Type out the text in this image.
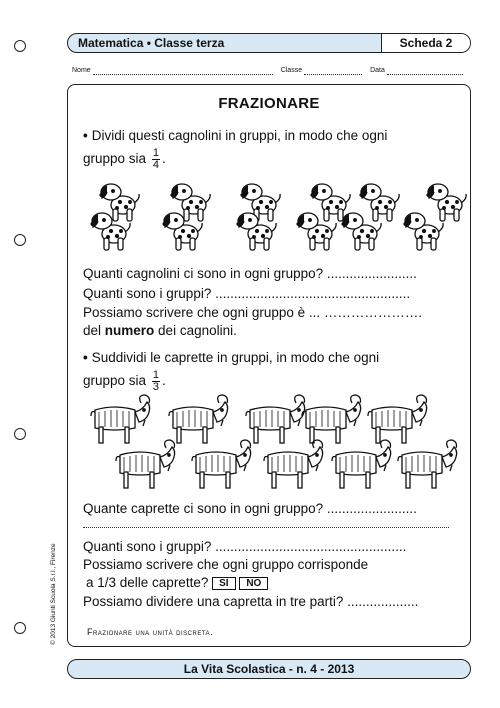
Matematica • Classe terza	Scheda 2
Nome	Classe	Data
FRAZIONARE
• Dividi questi cagnolini in gruppi, in modo che ogni
gruppo sia $\frac{1}{4}$ .
Quanti cagnolini ci sono in ogni gruppo? ........................
Quanti sono i gruppi? ....................................................
Possiamo scrivere che ogni gruppo è ... ………………….
del numero dei cagnolini.
• Suddividi le caprette in gruppi, in modo che ogni
gruppo sia $\frac{1}{3}$ .
Quante caprette ci sono in ogni gruppo? ........................
Quanti sono i gruppi? ...................................................
Possiamo scrivere che ogni gruppo corrisponde
a 1/3 delle caprette? SÌ NO
Possiamo dividere una capretta in tre parti? ...................
Frazionare una unità discreta.
© 2013 Giunti Scuola S.r.l., Firenze
La Vita Scolastica - n. 4 - 2013
